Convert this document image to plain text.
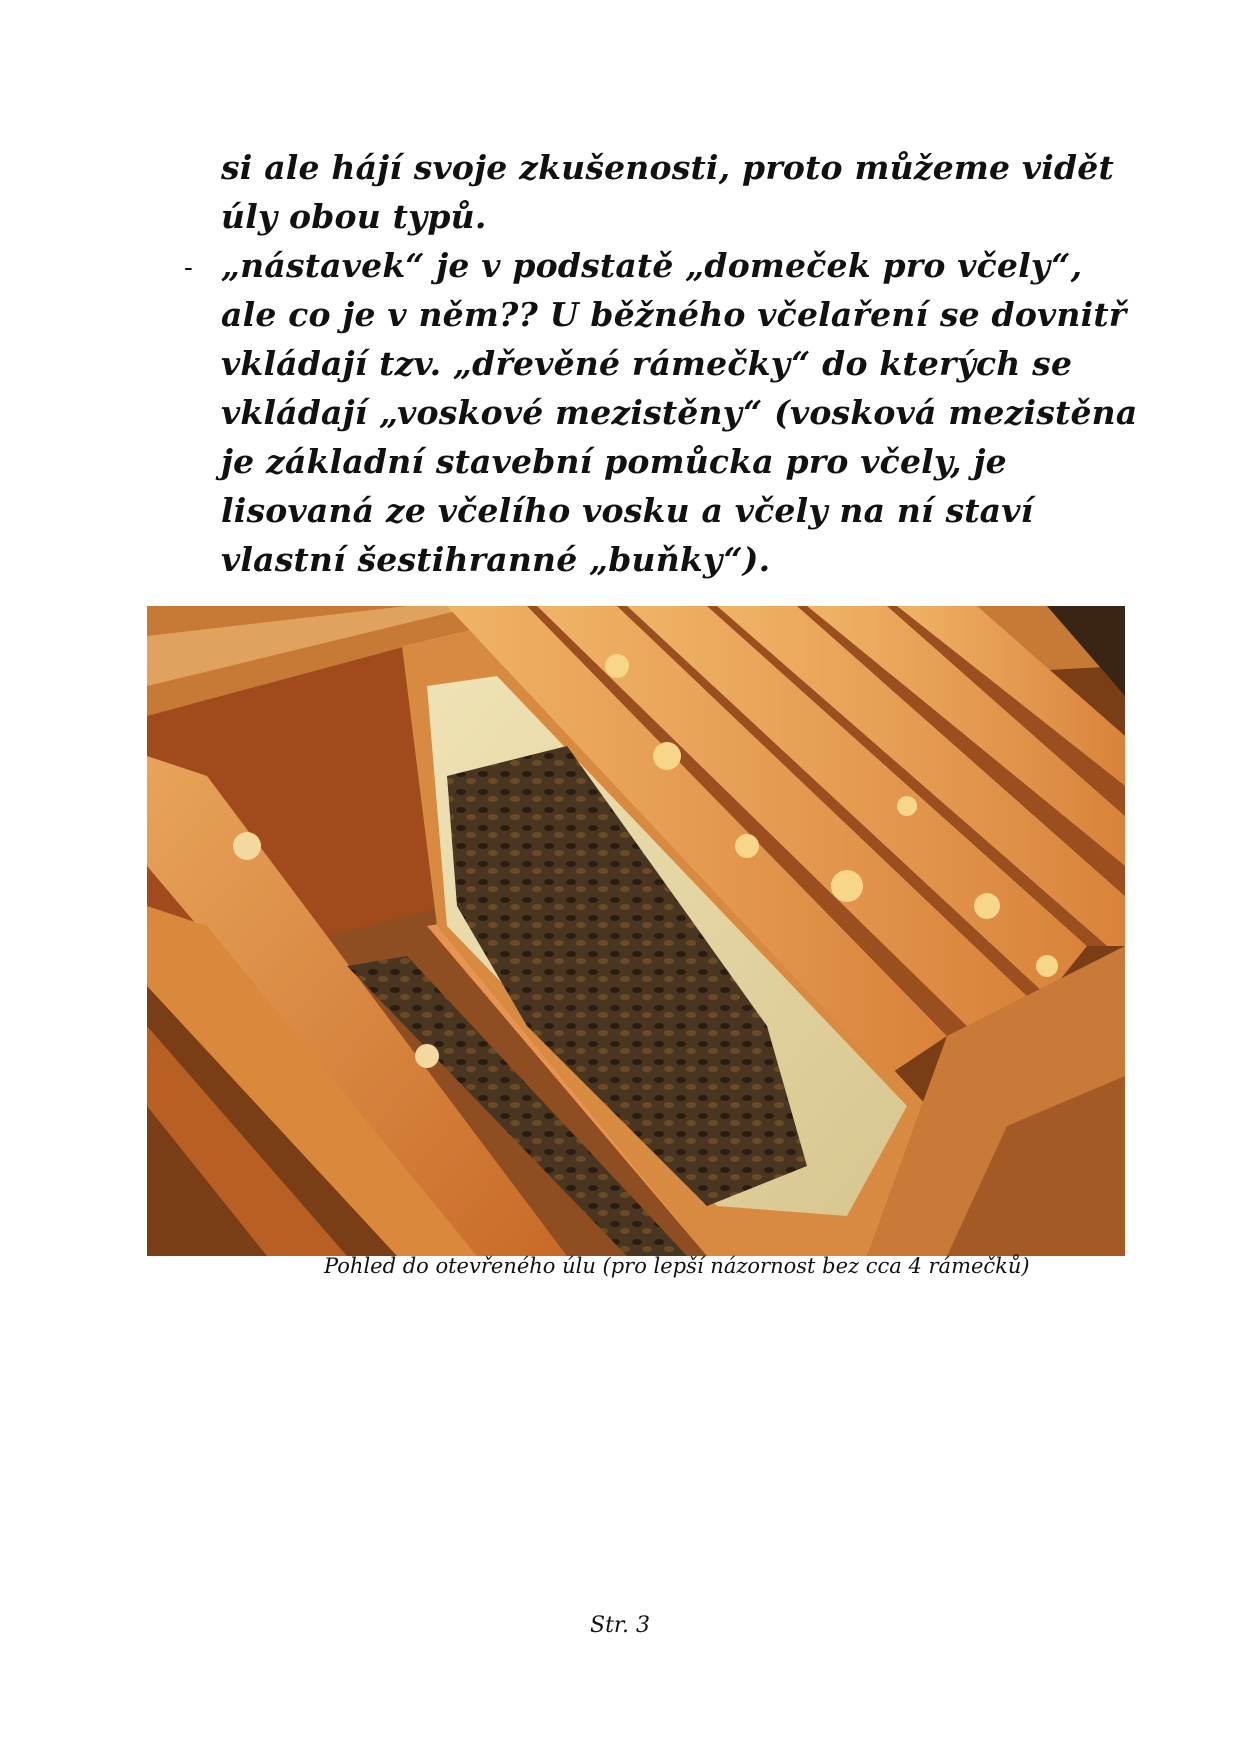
si ale hájí svoje zkušenosti, proto můžeme vidět úly obou typů.
- „nástavek“ je v podstatě „domeček pro včely“, ale co je v něm?? U běžného včelaření se dovnitř vkládají tzv. „dřevěné rámečky“ do kterých se vkládají „voskové mezistěny“ (vosková mezistěna je základní stavební pomůcka pro včely, je lisovaná ze včelího vosku a včely na ní staví vlastní šestihranné „buňky“).
Pohled do otevřeného úlu (pro lepší názornost bez cca 4 rámečků)
Str. 3
